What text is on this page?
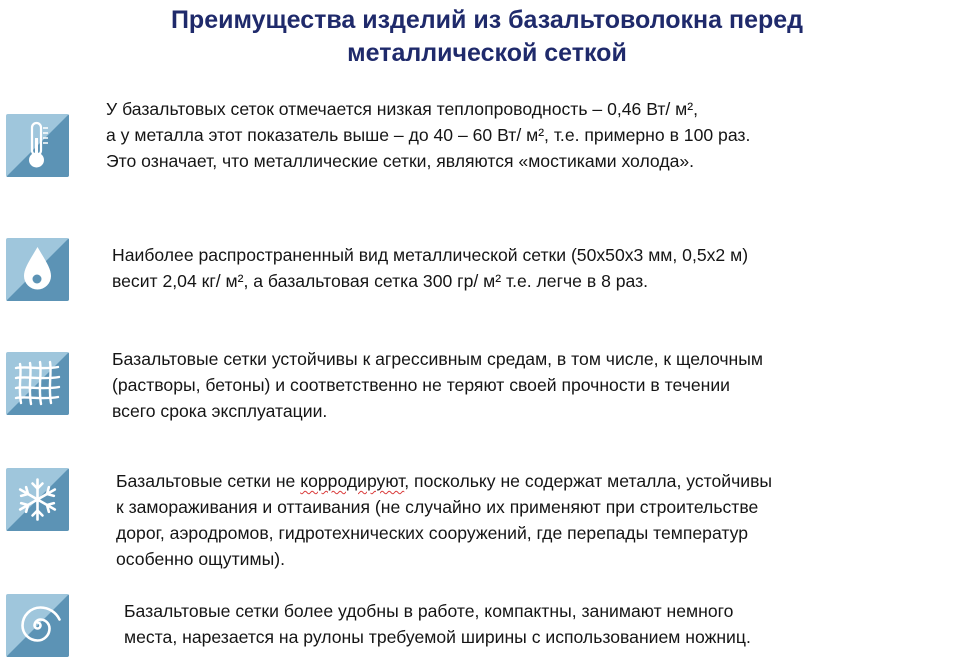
Преимущества изделий из базальтоволокна перед
металлической сеткой
У базальтовых сеток отмечается низкая теплопроводность – 0,46 Вт/ м²,
а у металла этот показатель выше – до 40 – 60 Вт/ м², т.е. примерно в 100 раз.
Это означает, что металлические сетки, являются «мостиками холода».
Наиболее распространенный вид металлической сетки (50х50х3 мм, 0,5х2 м)
весит 2,04 кг/ м², а базальтовая сетка 300 гр/ м² т.е. легче в 8 раз.
Базальтовые сетки устойчивы к агрессивным средам, в том числе, к щелочным
(растворы, бетоны) и соответственно не теряют своей прочности в течении
всего срока эксплуатации.
Базальтовые сетки не корродируют, поскольку не содержат металла, устойчивы
к замораживания и оттаивания (не случайно их применяют при строительстве
дорог, аэродромов, гидротехнических сооружений, где перепады температур
особенно ощутимы).
Базальтовые сетки более удобны в работе, компактны, занимают немного
места, нарезается на рулоны требуемой ширины с использованием ножниц.
